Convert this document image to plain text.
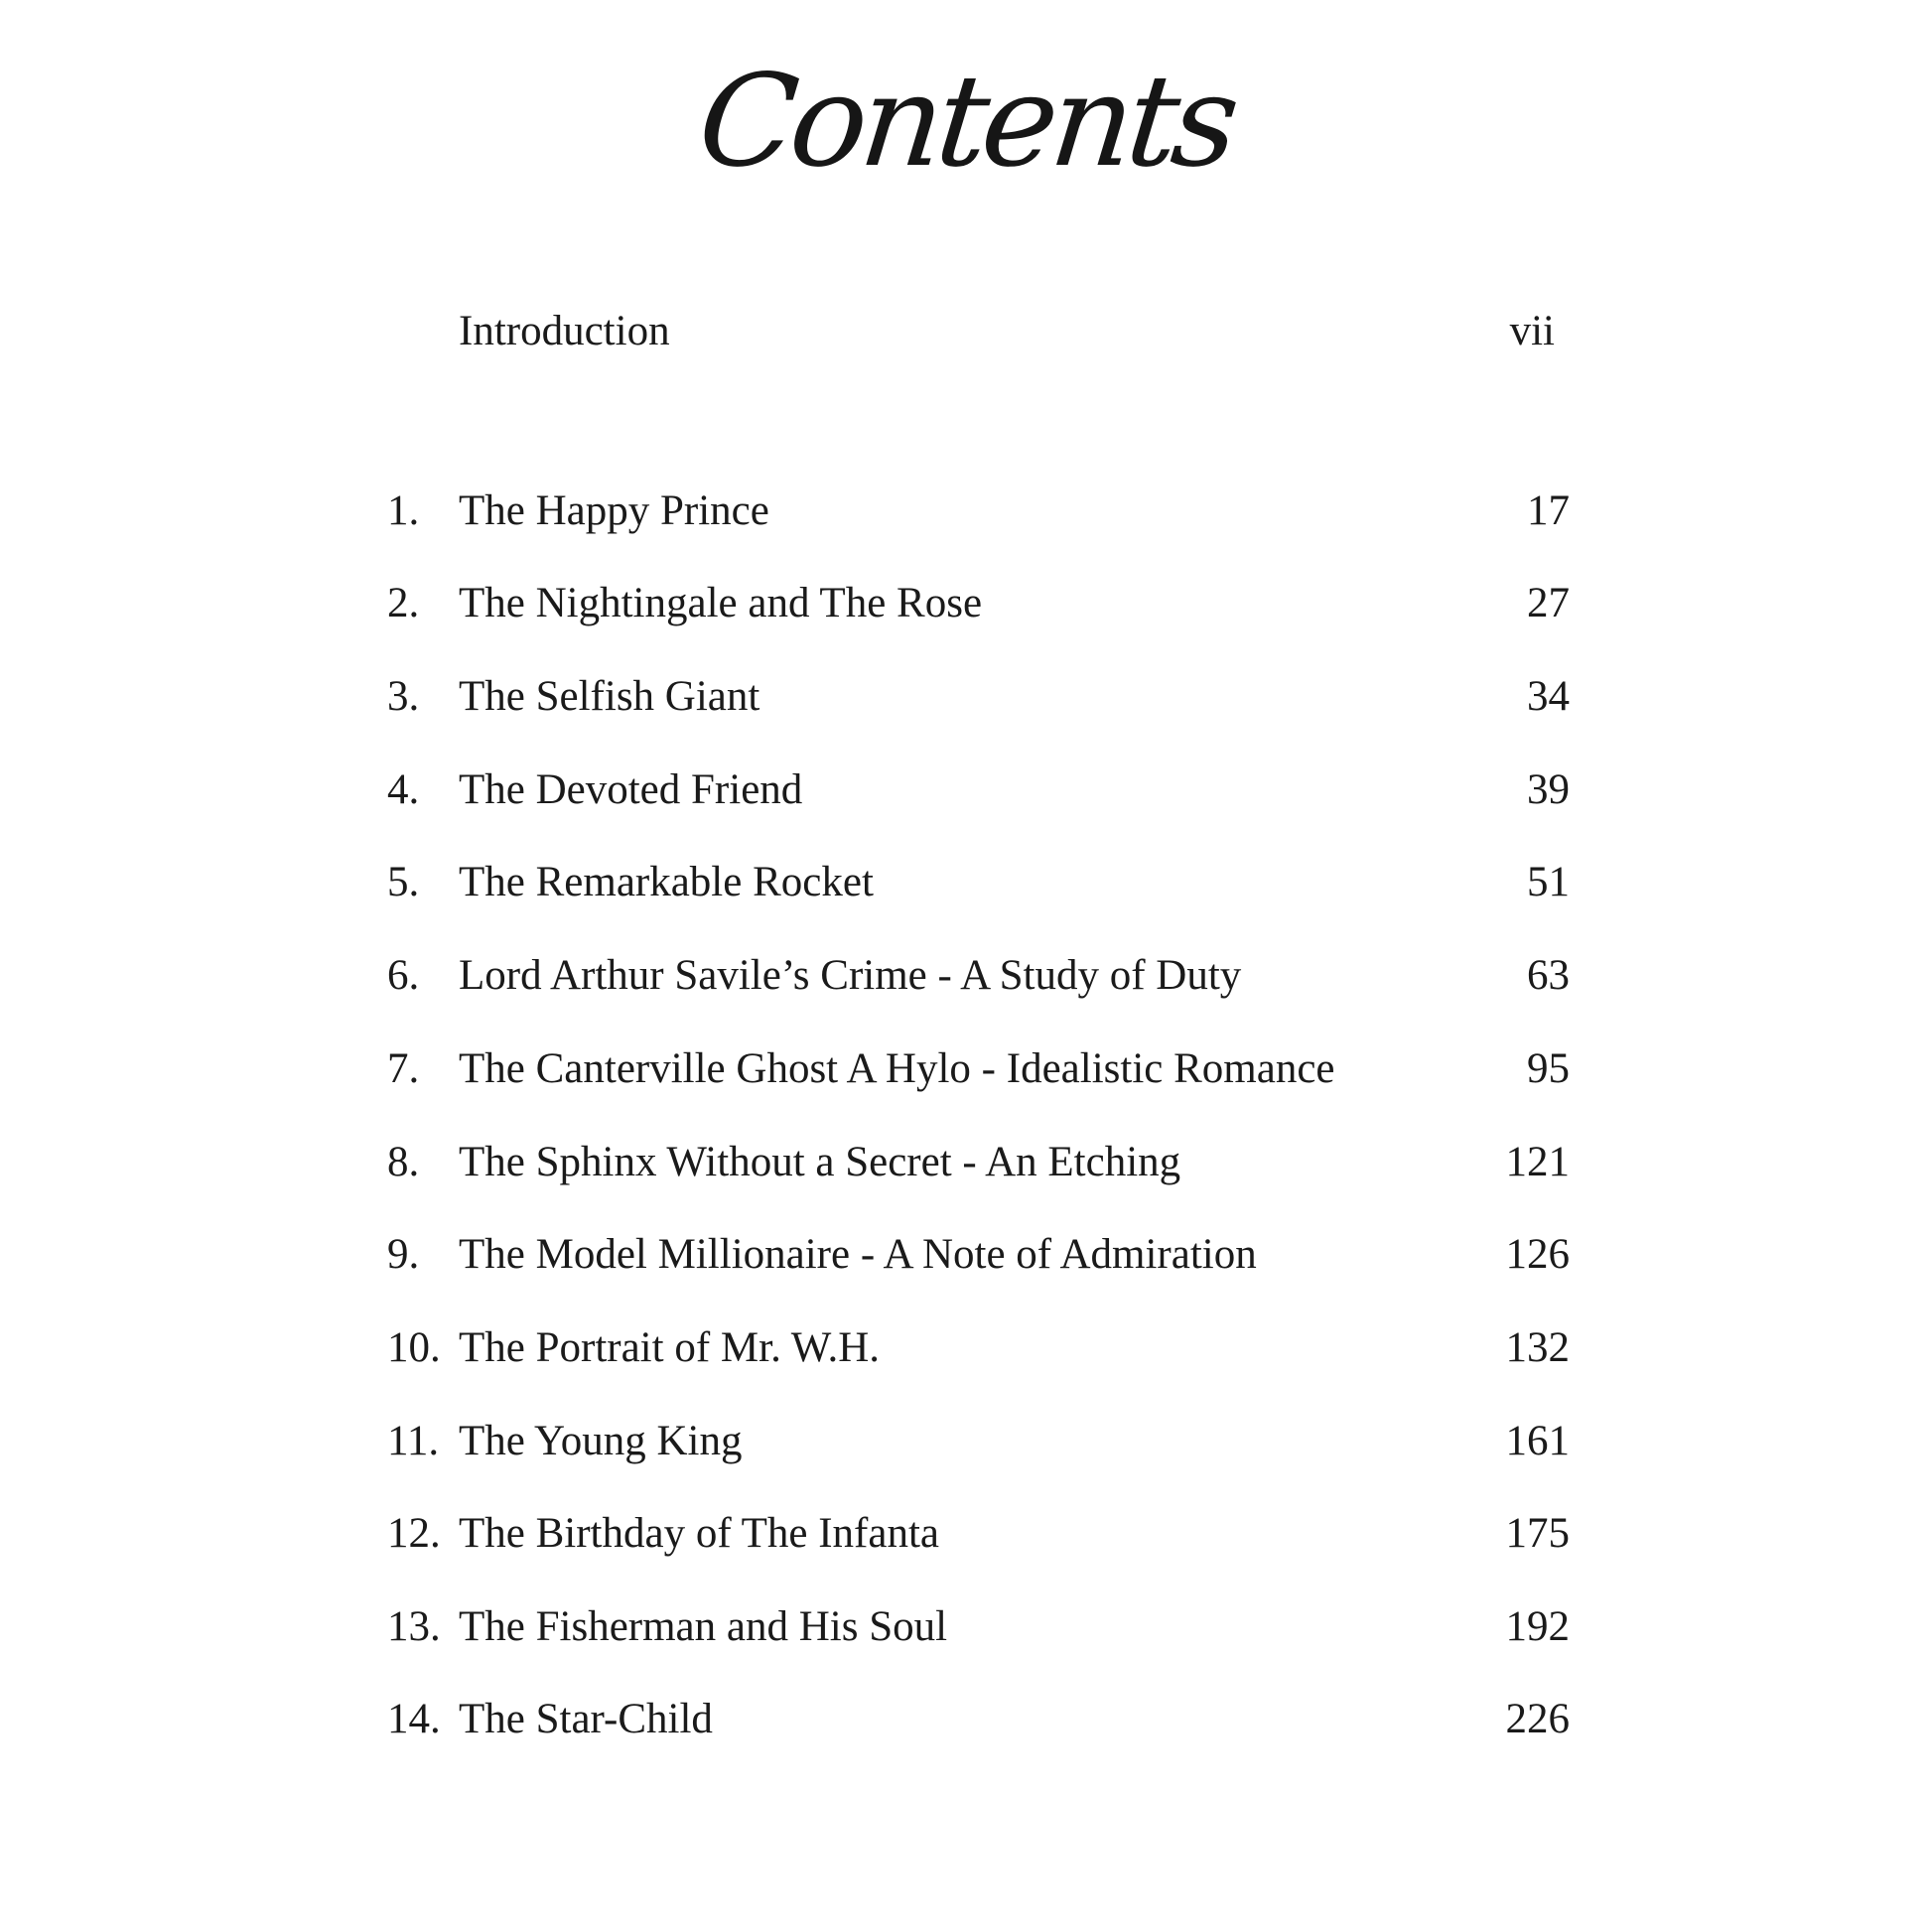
Contents
Introduction	vii
1. The Happy Prince	17
2. The Nightingale and The Rose	27
3. The Selfish Giant	34
4. The Devoted Friend	39
5. The Remarkable Rocket	51
6. Lord Arthur Savile’s Crime - A Study of Duty	63
7. The Canterville Ghost A Hylo - Idealistic Romance	95
8. The Sphinx Without a Secret - An Etching	121
9. The Model Millionaire - A Note of Admiration	126
10. The Portrait of Mr. W.H.	132
11. The Young King	161
12. The Birthday of The Infanta	175
13. The Fisherman and His Soul	192
14. The Star-Child	226
